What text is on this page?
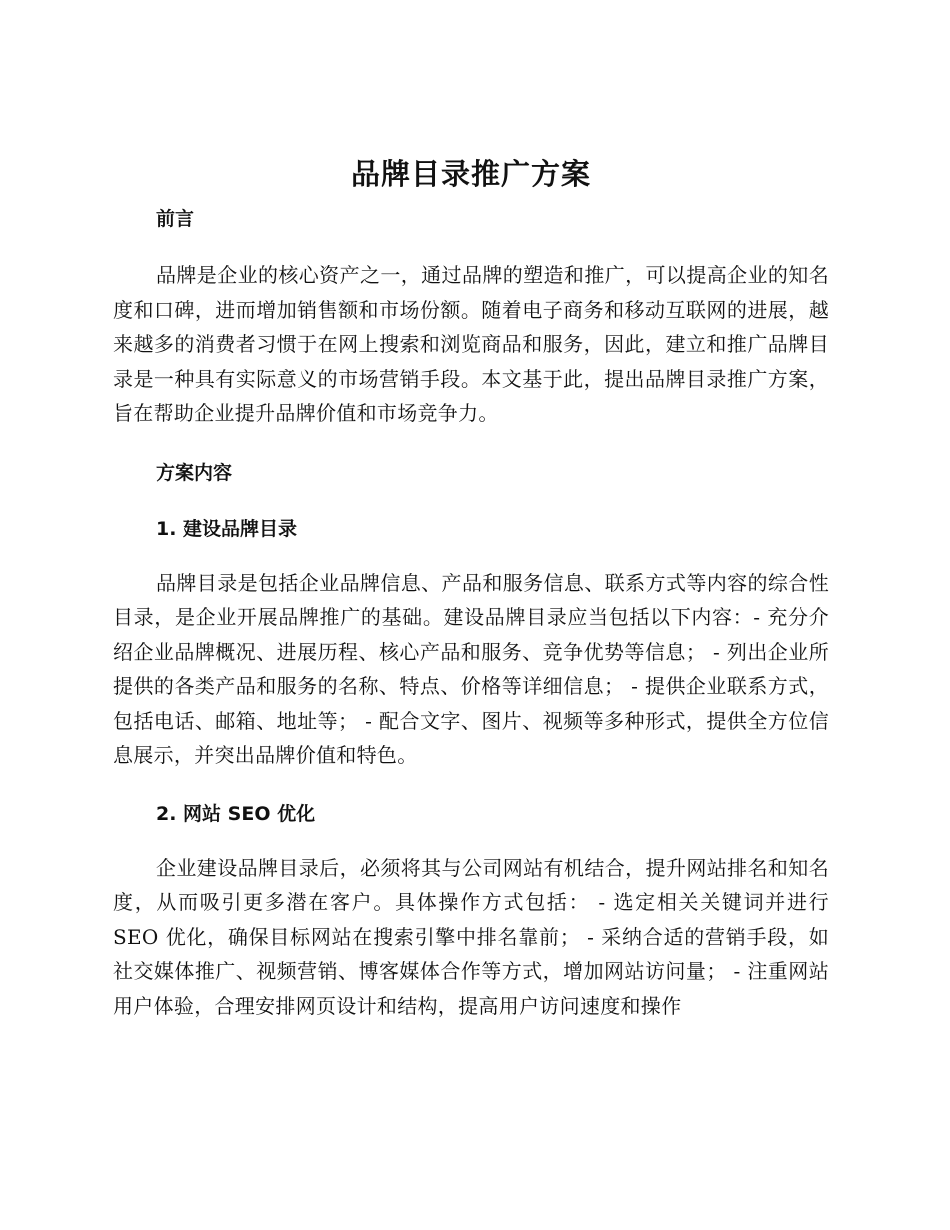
品牌目录推广方案
前言

品牌是企业的核心资产之一，通过品牌的塑造和推广，可以提高企业的知名度和口碑，进而增加销售额和市场份额。随着电子商务和移动互联网的进展，越来越多的消费者习惯于在网上搜索和浏览商品和服务，因此，建立和推广品牌目录是一种具有实际意义的市场营销手段。本文基于此，提出品牌目录推广方案，旨在帮助企业提升品牌价值和市场竞争力。

方案内容
1. 建设品牌目录

品牌目录是包括企业品牌信息、产品和服务信息、联系方式等内容的综合性目录，是企业开展品牌推广的基础。建设品牌目录应当包括以下内容：- 充分介绍企业品牌概况、进展历程、核心产品和服务、竞争优势等信息； - 列出企业所提供的各类产品和服务的名称、特点、价格等详细信息； - 提供企业联系方式，包括电话、邮箱、地址等； - 配合文字、图片、视频等多种形式，提供全方位信息展示，并突出品牌价值和特色。

2. 网站 SEO 优化

企业建设品牌目录后，必须将其与公司网站有机结合，提升网站排名和知名度，从而吸引更多潜在客户。具体操作方式包括： - 选定相关关键词并进行 SEO 优化，确保目标网站在搜索引擎中排名靠前； - 采纳合适的营销手段，如社交媒体推广、视频营销、博客媒体合作等方式，增加网站访问量； - 注重网站用户体验，合理安排网页设计和结构，提高用户访问速度和操作
